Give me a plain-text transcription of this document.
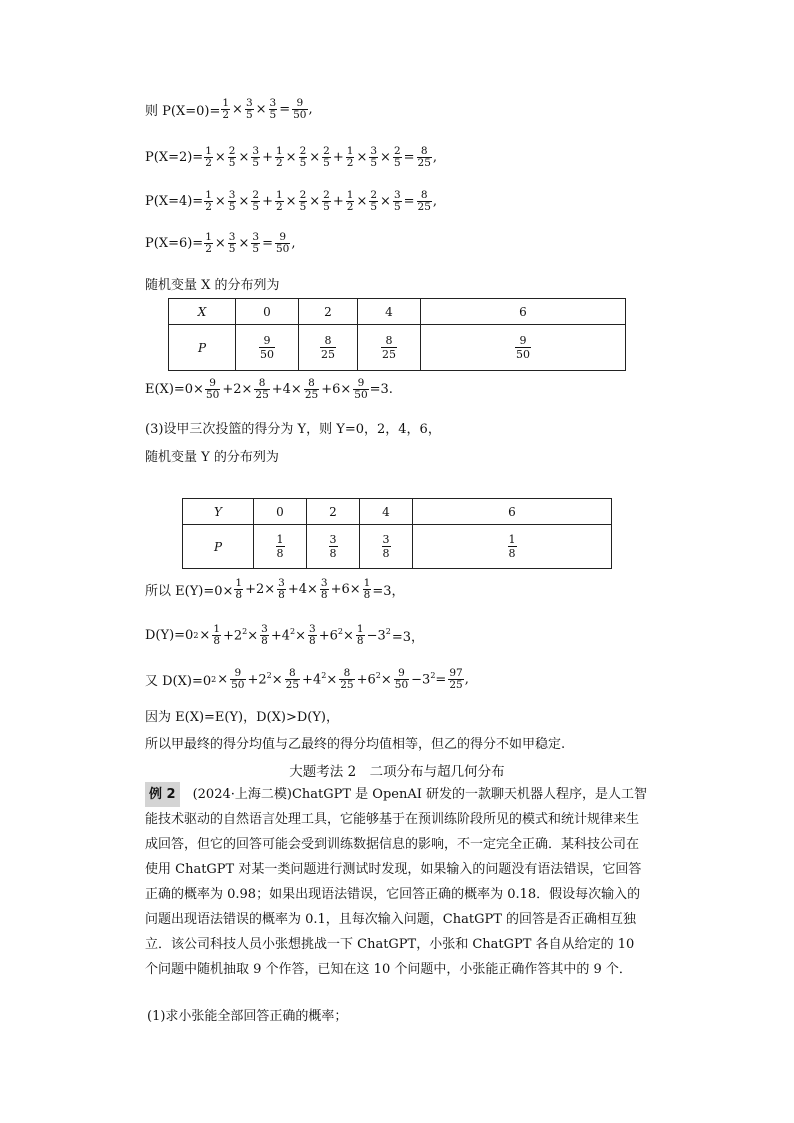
则 $P(X=0)= \frac{1}{2} \times \frac{3}{5} \times \frac{3}{5} = \frac{9}{50}$ ,
$P(X=2)= \frac{1}{2} \times \frac{2}{5} \times \frac{3}{5} + \frac{1}{2} \times \frac{2}{5} \times \frac{2}{5} + \frac{1}{2} \times \frac{3}{5} \times \frac{2}{5} = \frac{8}{25}$ ,
$P(X=4)= \frac{1}{2} \times \frac{3}{5} \times \frac{2}{5} + \frac{1}{2} \times \frac{2}{5} \times \frac{2}{5} + \frac{1}{2} \times \frac{2}{5} \times \frac{3}{5} = \frac{8}{25}$ ,
$P(X=6)= \frac{1}{2} \times \frac{3}{5} \times \frac{3}{5} = \frac{9}{50}$ ,
随机变量 X 的分布列为
X	0	2	4	6
P	$\frac{9}{50}$	$\frac{8}{25}$	$\frac{8}{25}$	$\frac{9}{50}$
$E(X)=0\times \frac{9}{50} +2\times \frac{8}{25} +4\times \frac{8}{25} +6\times \frac{9}{50} =3$.
(3)设甲三次投篮的得分为 Y，则 Y=0，2，4，6，
随机变量 Y 的分布列为
Y	0	2	4	6
P	$\frac{1}{8}$	$\frac{3}{8}$	$\frac{3}{8}$	$\frac{1}{8}$
所以 $E(Y)=0\times \frac{1}{8} +2\times \frac{3}{8} +4\times \frac{3}{8} +6\times \frac{1}{8} =3$，
D(Y)=0 $2 \times \frac{1}{8} +2^2\times \frac{3}{8} +4^2\times \frac{3}{8} +6^2\times \frac{1}{8} -3^2 =3$，
又 D(X)=0 $2 \times \frac{9}{50} +2^2\times \frac{8}{25} +4^2\times \frac{8}{25} +6^2\times \frac{9}{50} -3^2= \frac{97}{25}$ ,
因为 E(X)=E(Y)，D(X)>D(Y)，
所以甲最终的得分均值与乙最终的得分均值相等，但乙的得分不如甲稳定.
大题考法 2　二项分布与超几何分布
例 2　(2024·上海二模)ChatGPT 是 OpenAI 研发的一款聊天机器人程序，是人工智能技术驱动的自然语言处理工具，它能够基于在预训练阶段所见的模式和统计规律来生成回答，但它的回答可能会受到训练数据信息的影响，不一定完全正确．某科技公司在使用 ChatGPT 对某一类问题进行测试时发现，如果输入的问题没有语法错误，它回答正确的概率为 0.98；如果出现语法错误，它回答正确的概率为 0.18．假设每次输入的问题出现语法错误的概率为 0.1，且每次输入问题，ChatGPT 的回答是否正确相互独立．该公司科技人员小张想挑战一下 ChatGPT，小张和 ChatGPT 各自从给定的 10 个问题中随机抽取 9 个作答，已知在这 10 个问题中，小张能正确作答其中的 9 个．
(1)求小张能全部回答正确的概率；
